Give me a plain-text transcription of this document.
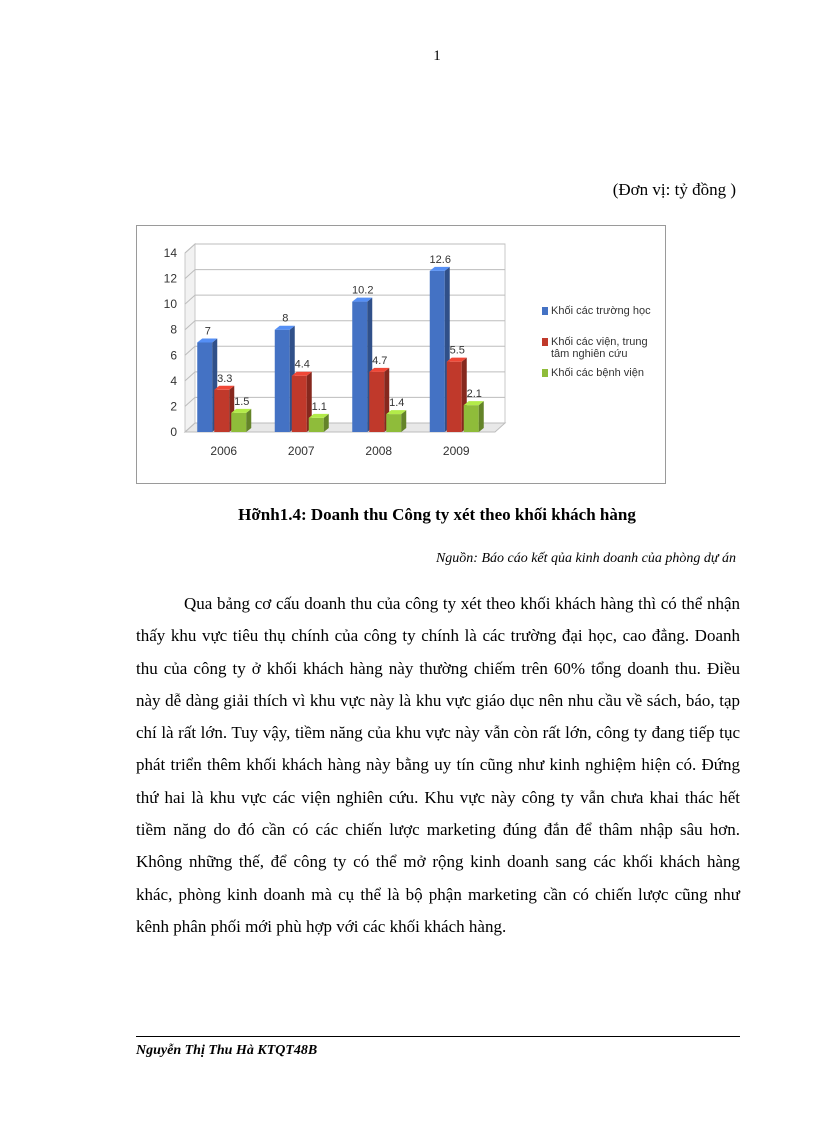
1
(Đơn vị: tỷ đồng )
0
2
4
6
8
10
12
14
7
3.3
1.5
2006
8
4.4
1.1
2007
10.2
4.7
1.4
2008
12.6
5.5
2.1
2009
Khối các trường học
Khối các viện, trung
tâm nghiên cứu
Khối các bệnh viện
Hỡnh1.4: Doanh thu Công ty xét theo khối khách hàng
Nguồn: Báo cáo kết qủa kinh doanh của phòng dự án

Qua bảng cơ cấu doanh thu của công ty xét theo khối khách hàng thì có thể nhận thấy khu vực tiêu thụ chính của công ty chính là các trường đại học, cao đẳng. Doanh thu của công ty ở khối khách hàng này thường chiếm trên 60% tổng doanh thu. Điều này dễ dàng giải thích vì khu vực này là khu vực giáo dục nên nhu cầu về sách, báo, tạp chí là rất lớn. Tuy vậy, tiềm năng của khu vực này vẫn còn rất lớn, công ty đang tiếp tục phát triển thêm khối khách hàng này bằng uy tín cũng như kinh nghiệm hiện có. Đứng thứ hai là khu vực các viện nghiên cứu. Khu vực này công ty vẫn chưa khai thác hết tiềm năng do đó cần có các chiến lược marketing đúng đắn để thâm nhập sâu hơn. Không những thế, để công ty có thể mở rộng kinh doanh sang các khối khách hàng khác, phòng kinh doanh mà cụ thể là bộ phận marketing cần có chiến lược cũng như kênh phân phối mới phù hợp với các khối khách hàng.

Nguyễn Thị Thu Hà KTQT48B
